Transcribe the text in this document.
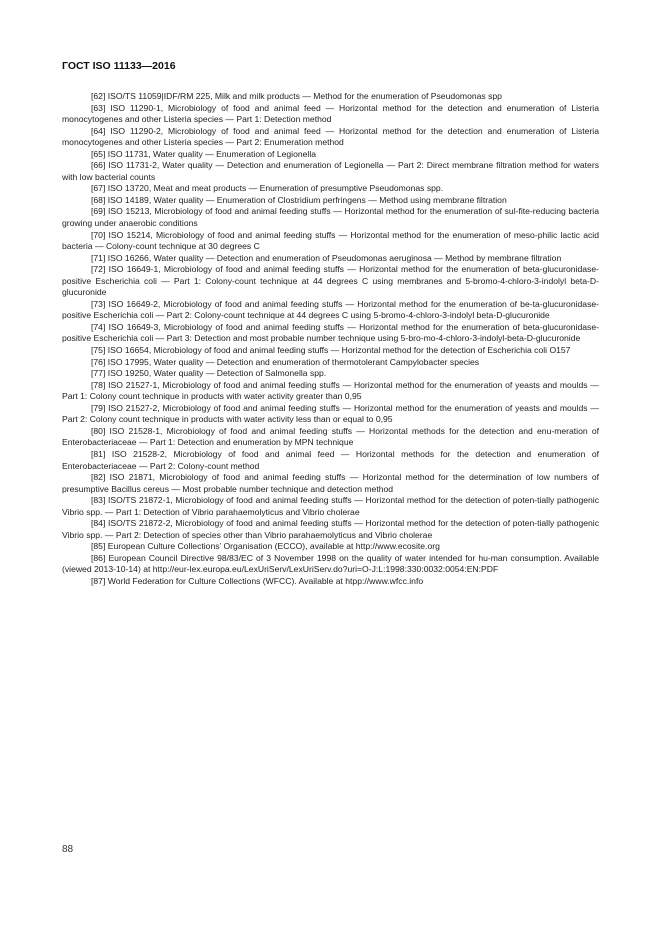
ГОСТ ISO 11133—2016

[62] ISO/TS 11059|IDF/RM 225, Milk and milk products — Method for the enumeration of Pseudomonas spp

[63] ISO 11290-1, Microbiology of food and animal feed — Horizontal method for the detection and enumeration of Listeria monocytogenes and other Listeria species — Part 1: Detection method

[64] ISO 11290-2, Microbiology of food and animal feed — Horizontal method for the detection and enumeration of Listeria monocytogenes and other Listeria species — Part 2: Enumeration method

[65] ISO 11731, Water quality — Enumeration of Legionella

[66] ISO 11731-2, Water quality — Detection and enumeration of Legionella — Part 2: Direct membrane filtration method for waters with low bacterial counts

[67] ISO 13720, Meat and meat products — Enumeration of presumptive Pseudomonas spp.

[68] ISO 14189, Water quality — Enumeration of Clostridium perfringens — Method using membrane filtration

[69] ISO 15213, Microbiology of food and animal feeding stuffs — Horizontal method for the enumeration of sul-fite-reducing bacteria growing under anaerobic conditions

[70] ISO 15214, Microbiology of food and animal feeding stuffs — Horizontal method for the enumeration of meso-philic lactic acid bacteria — Colony-count technique at 30 degrees C

[71] ISO 16266, Water quality — Detection and enumeration of Pseudomonas aeruginosa — Method by membrane filtration

[72] ISO 16649-1, Microbiology of food and animal feeding stuffs — Horizontal method for the enumeration of beta-glucuronidase-positive Escherichia coli — Part 1: Colony-count technique at 44 degrees C using membranes and 5-bromo-4-chloro-3-indolyl beta-D-glucuronide

[73] ISO 16649-2, Microbiology of food and animal feeding stuffs — Horizontal method for the enumeration of be-ta-glucuronidase-positive Escherichia coli — Part 2: Colony-count technique at 44 degrees C using 5-bromo-4-chloro-3-indolyl beta-D-glucuronide

[74] ISO 16649-3, Microbiology of food and animal feeding stuffs — Horizontal method for the enumeration of beta-glucuronidase-positive Escherichia coli — Part 3: Detection and most probable number technique using 5-bro-mo-4-chloro-3-indolyl-beta-D-glucuronide

[75] ISO 16654, Microbiology of food and animal feeding stuffs — Horizontal method for the detection of Escherichia coli O157

[76] ISO 17995, Water quality — Detection and enumeration of thermotolerant Campylobacter species

[77] ISO 19250, Water quality — Detection of Salmonella spp.

[78] ISO 21527-1, Microbiology of food and animal feeding stuffs — Horizontal method for the enumeration of yeasts and moulds — Part 1: Colony count technique in products with water activity greater than 0,95

[79] ISO 21527-2, Microbiology of food and animal feeding stuffs — Horizontal method for the enumeration of yeasts and moulds — Part 2: Colony count technique in products with water activity less than or equal to 0,95

[80] ISO 21528-1, Microbiology of food and animal feeding stuffs — Horizontal methods for the detection and enu-meration of Enterobacteriaceae — Part 1: Detection and enumeration by MPN technique

[81] ISO 21528-2, Microbiology of food and animal feed — Horizontal methods for the detection and enumeration of Enterobacteriaceae — Part 2: Colony-count method

[82] ISO 21871, Microbiology of food and animal feeding stuffs — Horizontal method for the determination of low numbers of presumptive Bacillus cereus — Most probable number technique and detection method

[83] ISO/TS 21872-1, Microbiology of food and animal feeding stuffs — Horizontal method for the detection of poten-tially pathogenic Vibrio spp. — Part 1: Detection of Vibrio parahaemolyticus and Vibrio cholerae

[84] ISO/TS 21872-2, Microbiology of food and animal feeding stuffs — Horizontal method for the detection of poten-tially pathogenic Vibrio spp. — Part 2: Detection of species other than Vibrio parahaemolyticus and Vibrio cholerae

[85] European Culture Collections’ Organisation (ECCO), available at http://www.ecosite.org

[86] European Council Directive 98/83/EC of 3 November 1998 on the quality of water intended for hu-man consumption. Available (viewed 2013-10-14) at http://eur-lex.europa.eu/LexUriServ/LexUriServ.do?uri=O-J:L:1998:330:0032:0054:EN:PDF

[87] World Federation for Culture Collections (WFCC). Available at htpp://www.wfcc.info

88
